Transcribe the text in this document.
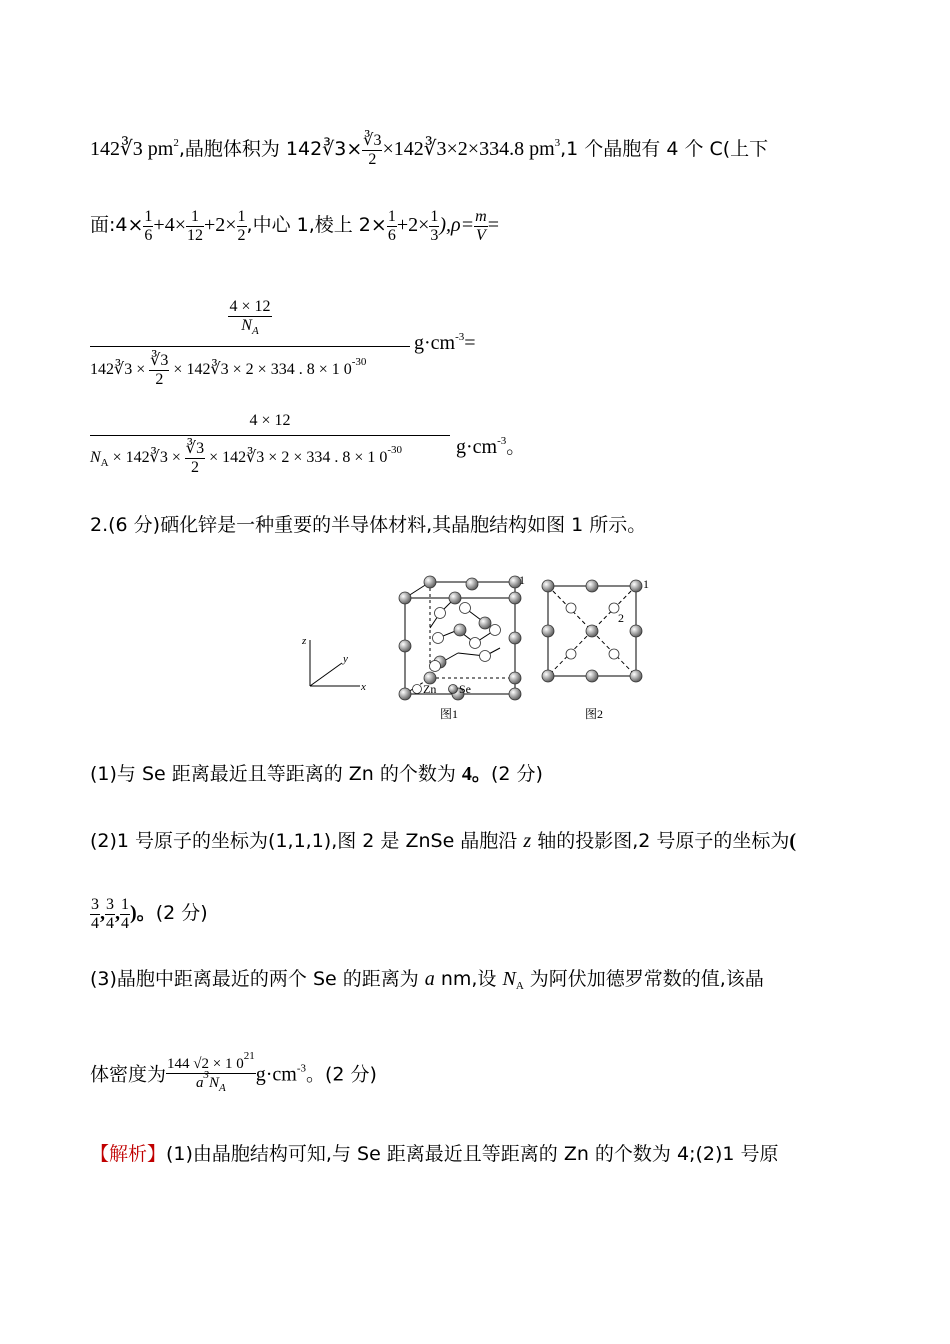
142∛3 $pm^2$,晶胞体积为 142∛3× $\frac{∛3}{2}$ ×142∛3×2×334.8 $pm^3,1$ 个晶胞有 4 个 C(上下
面:4× $\frac{1}{6} +4\times \frac{1}{12} +2\times \frac{1}{2}$ ,中心 1,棱上 $2\times \frac{1}{6} +2\times \frac{1}{3} ),\rho= \frac{m}{V}$ =
$\frac{4 \times 12}{N_A}$
142∛3 × $\frac{∛3}{2}$ × 142∛3 × 2 × 334 . 8 × 1 $0^{-30}$
$g\cdot cm^{-3}=$
4 × 12
$N_A$ × 142∛3 × $\frac{∛3}{2}$ × 142∛3 × 2 × 334 . 8 × 1 $0^{-30}$	$g\cdot cm^{-3}$。
2.(6 分)硒化锌是一种重要的半导体材料,其晶胞结构如图 1 所示。
z
y
x
1
Zn Se
图1
1
2
图2
(1)与 Se 距离最近且等距离的 Zn 的个数为 4。(2 分)
(2)1 号原子的坐标为(1,1,1),图 2 是 ZnSe 晶胞沿 z 轴的投影图,2 号原子的坐标为(
$\frac{3}{4}$ , $\frac{3}{4}$ , $\frac{1}{4}$ )。(2 分)
(3)晶胞中距离最近的两个 Se 的距离为 a nm,设 $N_A$ 为阿伏加德罗常数的值,该晶
体密度为 $\frac{144 √2 \times 1 0^{21}}{a^3N_A} g\cdot cm^{-3}$。(2 分)
【解析】(1)由晶胞结构可知,与 Se 距离最近且等距离的 Zn 的个数为 4;(2)1 号原
